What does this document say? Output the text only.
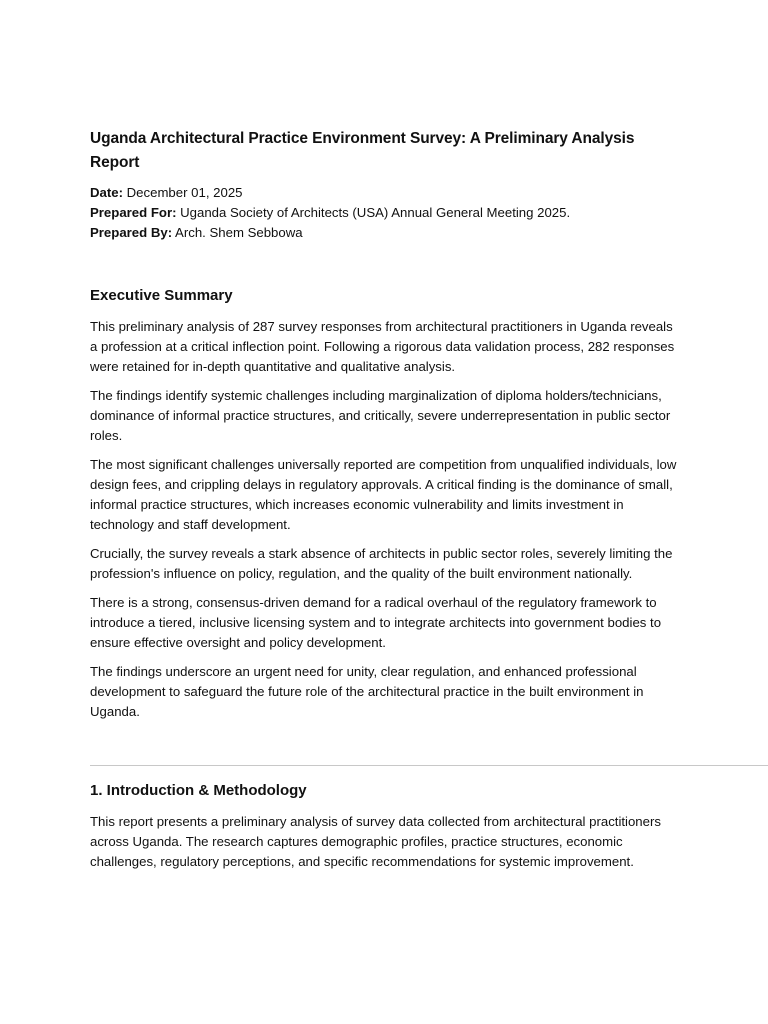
Uganda Architectural Practice Environment Survey: A Preliminary Analysis Report

Date: December 01, 2025

Prepared For: Uganda Society of Architects (USA) Annual General Meeting 2025.

Prepared By: Arch. Shem Sebbowa

Executive Summary

This preliminary analysis of 287 survey responses from architectural practitioners in Uganda reveals a profession at a critical inflection point. Following a rigorous data validation process, 282 responses were retained for in-depth quantitative and qualitative analysis.

The findings identify systemic challenges including marginalization of diploma holders/technicians, dominance of informal practice structures, and critically, severe underrepresentation in public sector roles.

The most significant challenges universally reported are competition from unqualified individuals, low design fees, and crippling delays in regulatory approvals. A critical finding is the dominance of small, informal practice structures, which increases economic vulnerability and limits investment in technology and staff development.

Crucially, the survey reveals a stark absence of architects in public sector roles, severely limiting the profession's influence on policy, regulation, and the quality of the built environment nationally.

There is a strong, consensus-driven demand for a radical overhaul of the regulatory framework to introduce a tiered, inclusive licensing system and to integrate architects into government bodies to ensure effective oversight and policy development.

The findings underscore an urgent need for unity, clear regulation, and enhanced professional development to safeguard the future role of the architectural practice in the built environment in Uganda.

1. Introduction & Methodology

This report presents a preliminary analysis of survey data collected from architectural practitioners across Uganda. The research captures demographic profiles, practice structures, economic challenges, regulatory perceptions, and specific recommendations for systemic improvement.
